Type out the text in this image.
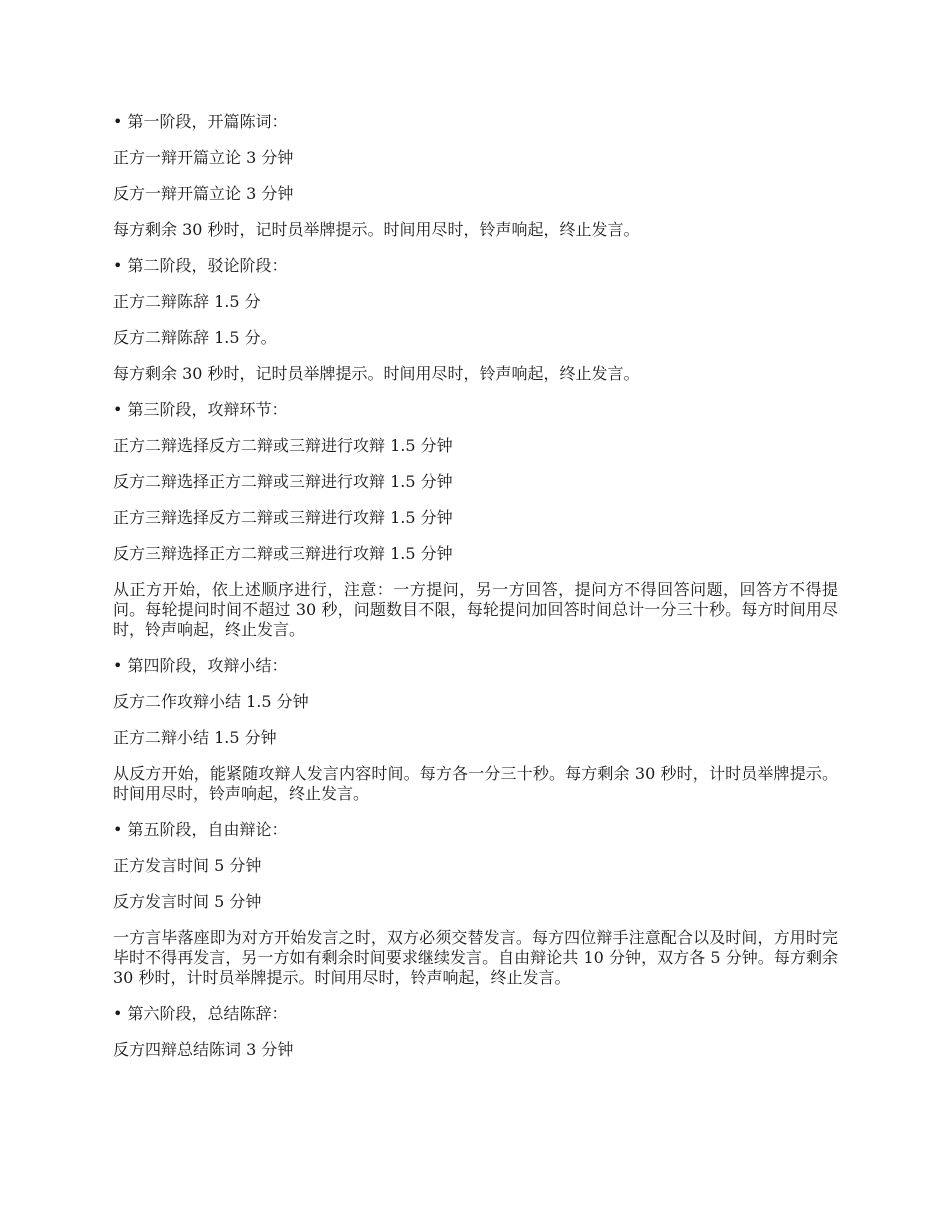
• 第一阶段，开篇陈词：

正方一辩开篇立论 3 分钟

反方一辩开篇立论 3 分钟

每方剩余 30 秒时，记时员举牌提示。时间用尽时，铃声响起，终止发言。

• 第二阶段，驳论阶段：

正方二辩陈辞 1.5 分

反方二辩陈辞 1.5 分。

每方剩余 30 秒时，记时员举牌提示。时间用尽时，铃声响起，终止发言。

• 第三阶段，攻辩环节：

正方二辩选择反方二辩或三辩进行攻辩 1.5 分钟

反方二辩选择正方二辩或三辩进行攻辩 1.5 分钟

正方三辩选择反方二辩或三辩进行攻辩 1.5 分钟

反方三辩选择正方二辩或三辩进行攻辩 1.5 分钟

从正方开始，依上述顺序进行，注意：一方提问，另一方回答，提问方不得回答问题，回答方不得提问。每轮提问时间不超过 30 秒，问题数目不限，每轮提问加回答时间总计一分三十秒。每方时间用尽时，铃声响起，终止发言。

• 第四阶段，攻辩小结：

反方二作攻辩小结 1.5 分钟

正方二辩小结 1.5 分钟

从反方开始，能紧随攻辩人发言内容时间。每方各一分三十秒。每方剩余 30 秒时，计时员举牌提示。时间用尽时，铃声响起，终止发言。

• 第五阶段，自由辩论：

正方发言时间 5 分钟

反方发言时间 5 分钟

一方言毕落座即为对方开始发言之时，双方必须交替发言。每方四位辩手注意配合以及时间，方用时完毕时不得再发言，另一方如有剩余时间要求继续发言。自由辩论共 10 分钟，双方各 5 分钟。每方剩余 30 秒时，计时员举牌提示。时间用尽时，铃声响起，终止发言。

• 第六阶段，总结陈辞：

反方四辩总结陈词 3 分钟
